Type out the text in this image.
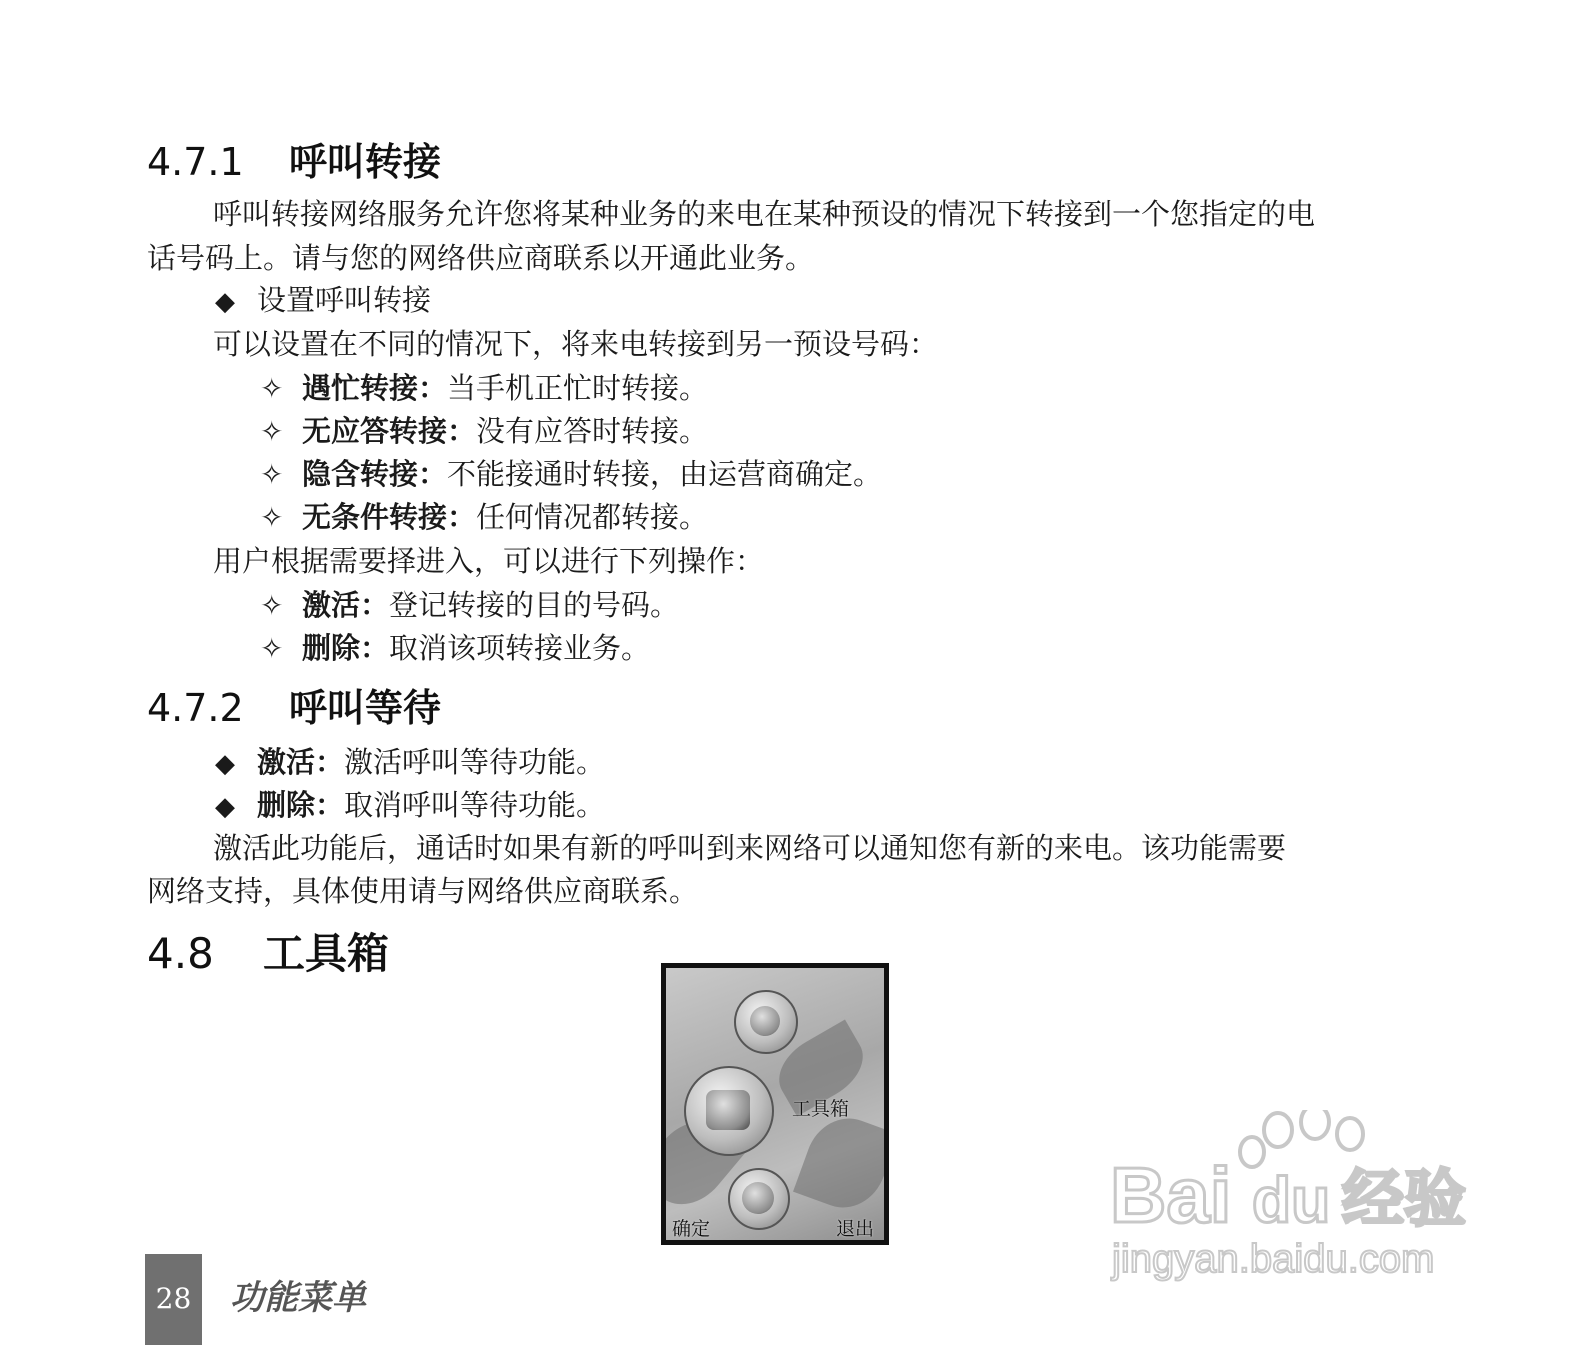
4.7.1 呼叫转接
呼叫转接网络服务允许您将某种业务的来电在某种预设的情况下转接到一个您指定的电
话号码上。请与您的网络供应商联系以开通此业务。
◆ 设置呼叫转接
可以设置在不同的情况下，将来电转接到另一预设号码：
✧ 遇忙转接：当手机正忙时转接。
✧ 无应答转接：没有应答时转接。
✧ 隐含转接：不能接通时转接，由运营商确定。
✧ 无条件转接：任何情况都转接。
用户根据需要择进入，可以进行下列操作：
✧ 激活：登记转接的目的号码。
✧ 删除：取消该项转接业务。
4.7.2 呼叫等待
◆ 激活：激活呼叫等待功能。
◆ 删除：取消呼叫等待功能。
激活此功能后，通话时如果有新的呼叫到来网络可以通知您有新的来电。该功能需要
网络支持，具体使用请与网络供应商联系。
4.8 工具箱
工具箱
确定	退出
28	功能菜单
Bai du 经验
jingyan.baidu.com
